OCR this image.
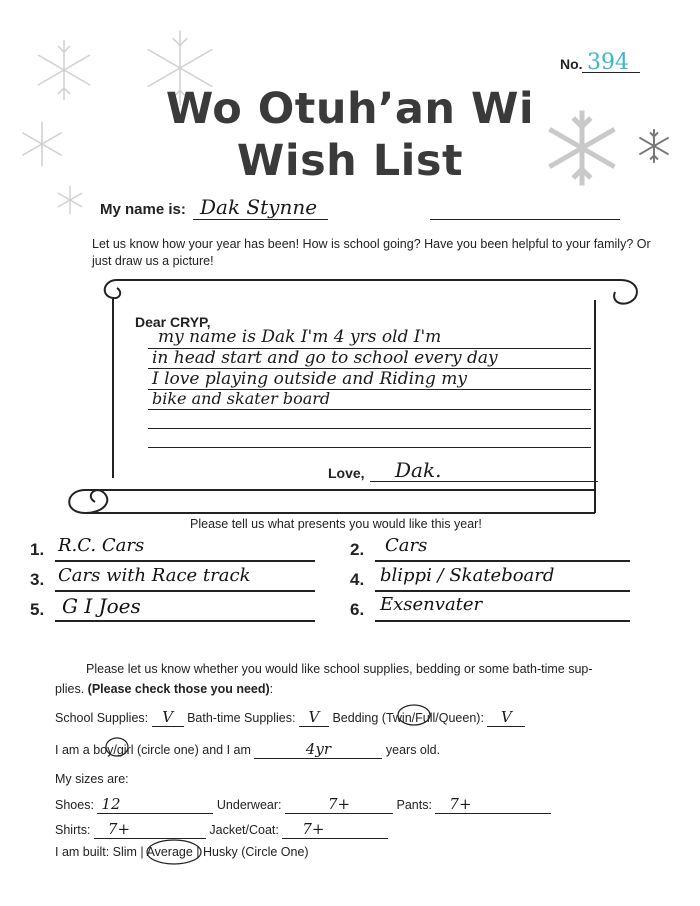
No. 394
Wo Otuh’an Wi
Wish List
My name is: Dak Stynne
Let us know how your year has been! How is school going? Have you been helpful to your family? Or
just draw us a picture!
Dear CRYP,
my name is Dak I'm 4 yrs old I'm
in head start and go to school every day
I love playing outside and Riding my
bike and skater board
Love, Dak.
Please tell us what presents you would like this year!
1. R.C. Cars	2. Cars
3. Cars with Race track	4. blippi / Skateboard
5. G I Joes	6. Exsenvater
Please let us know whether you would like school supplies, bedding or some bath-time sup-
plies. (Please check those you need):
School Supplies: V Bath-time Supplies: V Bedding (Twin/Full/Queen): V
I am a boy/girl (circle one) and I am	4yr	years old.
My sizes are:
Shoes: 12	Underwear:	7+	Pants: 7+
Shirts: 7+	Jacket/Coat: 7+
I am built: Slim | Average | Husky (Circle One)
